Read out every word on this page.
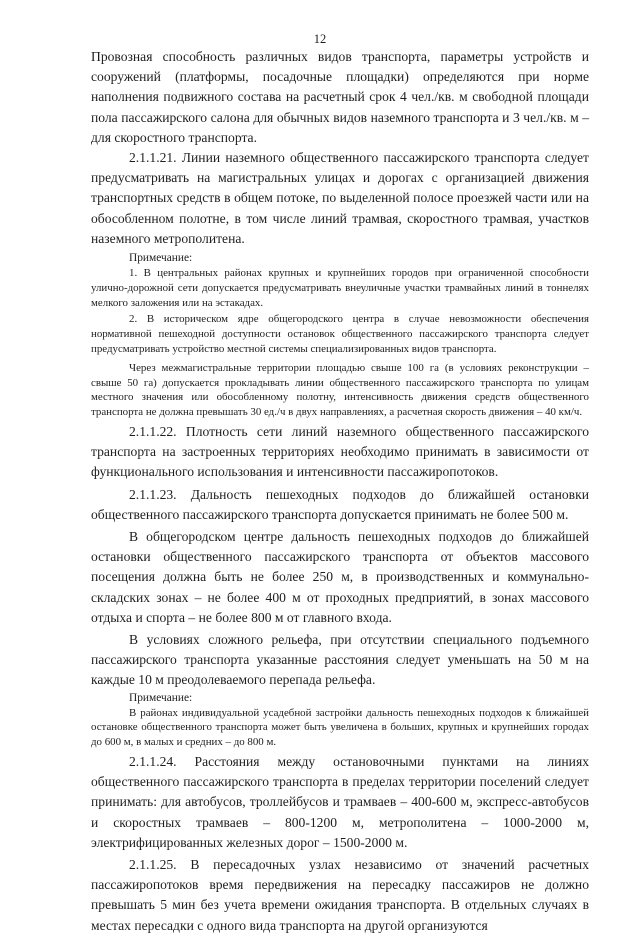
12

Провозная способность различных видов транспорта, параметры устройств и сооружений (платформы, посадочные площадки) определяются при норме наполнения подвижного состава на расчетный срок 4 чел./кв. м свободной площади пола пассажирского салона для обычных видов наземного транспорта и 3 чел./кв. м – для скоростного транспорта.

2.1.1.21. Линии наземного общественного пассажирского транспорта следует предусматривать на магистральных улицах и дорогах с организацией движения транспортных средств в общем потоке, по выделенной полосе проезжей части или на обособленном полотне, в том числе линий трамвая, скоростного трамвая, участков наземного метрополитена.

Примечание:

1. В центральных районах крупных и крупнейших городов при ограниченной способности улично-дорожной сети допускается предусматривать внеуличные участки трамвайных линий в тоннелях мелкого заложения или на эстакадах.

2. В историческом ядре общегородского центра в случае невозможности обеспечения нормативной пешеходной доступности остановок общественного пассажирского транспорта следует предусматривать устройство местной системы специализированных видов транспорта.

Через межмагистральные территории площадью свыше 100 га (в условиях реконструкции – свыше 50 га) допускается прокладывать линии общественного пассажирского транспорта по улицам местного значения или обособленному полотну, интенсивность движения средств общественного транспорта не должна превышать 30 ед./ч в двух направлениях, а расчетная скорость движения – 40 км/ч.

2.1.1.22. Плотность сети линий наземного общественного пассажирского транспорта на застроенных территориях необходимо принимать в зависимости от функционального использования и интенсивности пассажиропотоков.

2.1.1.23. Дальность пешеходных подходов до ближайшей остановки общественного пассажирского транспорта допускается принимать не более 500 м.

В общегородском центре дальность пешеходных подходов до ближайшей остановки общественного пассажирского транспорта от объектов массового посещения должна быть не более 250 м, в производственных и коммунально-складских зонах – не более 400 м от проходных предприятий, в зонах массового отдыха и спорта – не более 800 м от главного входа.

В условиях сложного рельефа, при отсутствии специального подъемного пассажирского транспорта указанные расстояния следует уменьшать на 50 м на каждые 10 м преодолеваемого перепада рельефа.

Примечание:

В районах индивидуальной усадебной застройки дальность пешеходных подходов к ближайшей остановке общественного транспорта может быть увеличена в больших, крупных и крупнейших городах до 600 м, в малых и средних – до 800 м.

2.1.1.24. Расстояния между остановочными пунктами на линиях общественного пассажирского транспорта в пределах территории поселений следует принимать: для автобусов, троллейбусов и трамваев – 400-600 м, экспресс-автобусов и скоростных трамваев – 800-1200 м, метрополитена – 1000-2000 м, электрифицированных железных дорог – 1500-2000 м.

2.1.1.25. В пересадочных узлах независимо от значений расчетных пассажиропотоков время передвижения на пересадку пассажиров не должно превышать 5 мин без учета времени ожидания транспорта. В отдельных случаях в местах пересадки с одного вида транспорта на другой организуются
